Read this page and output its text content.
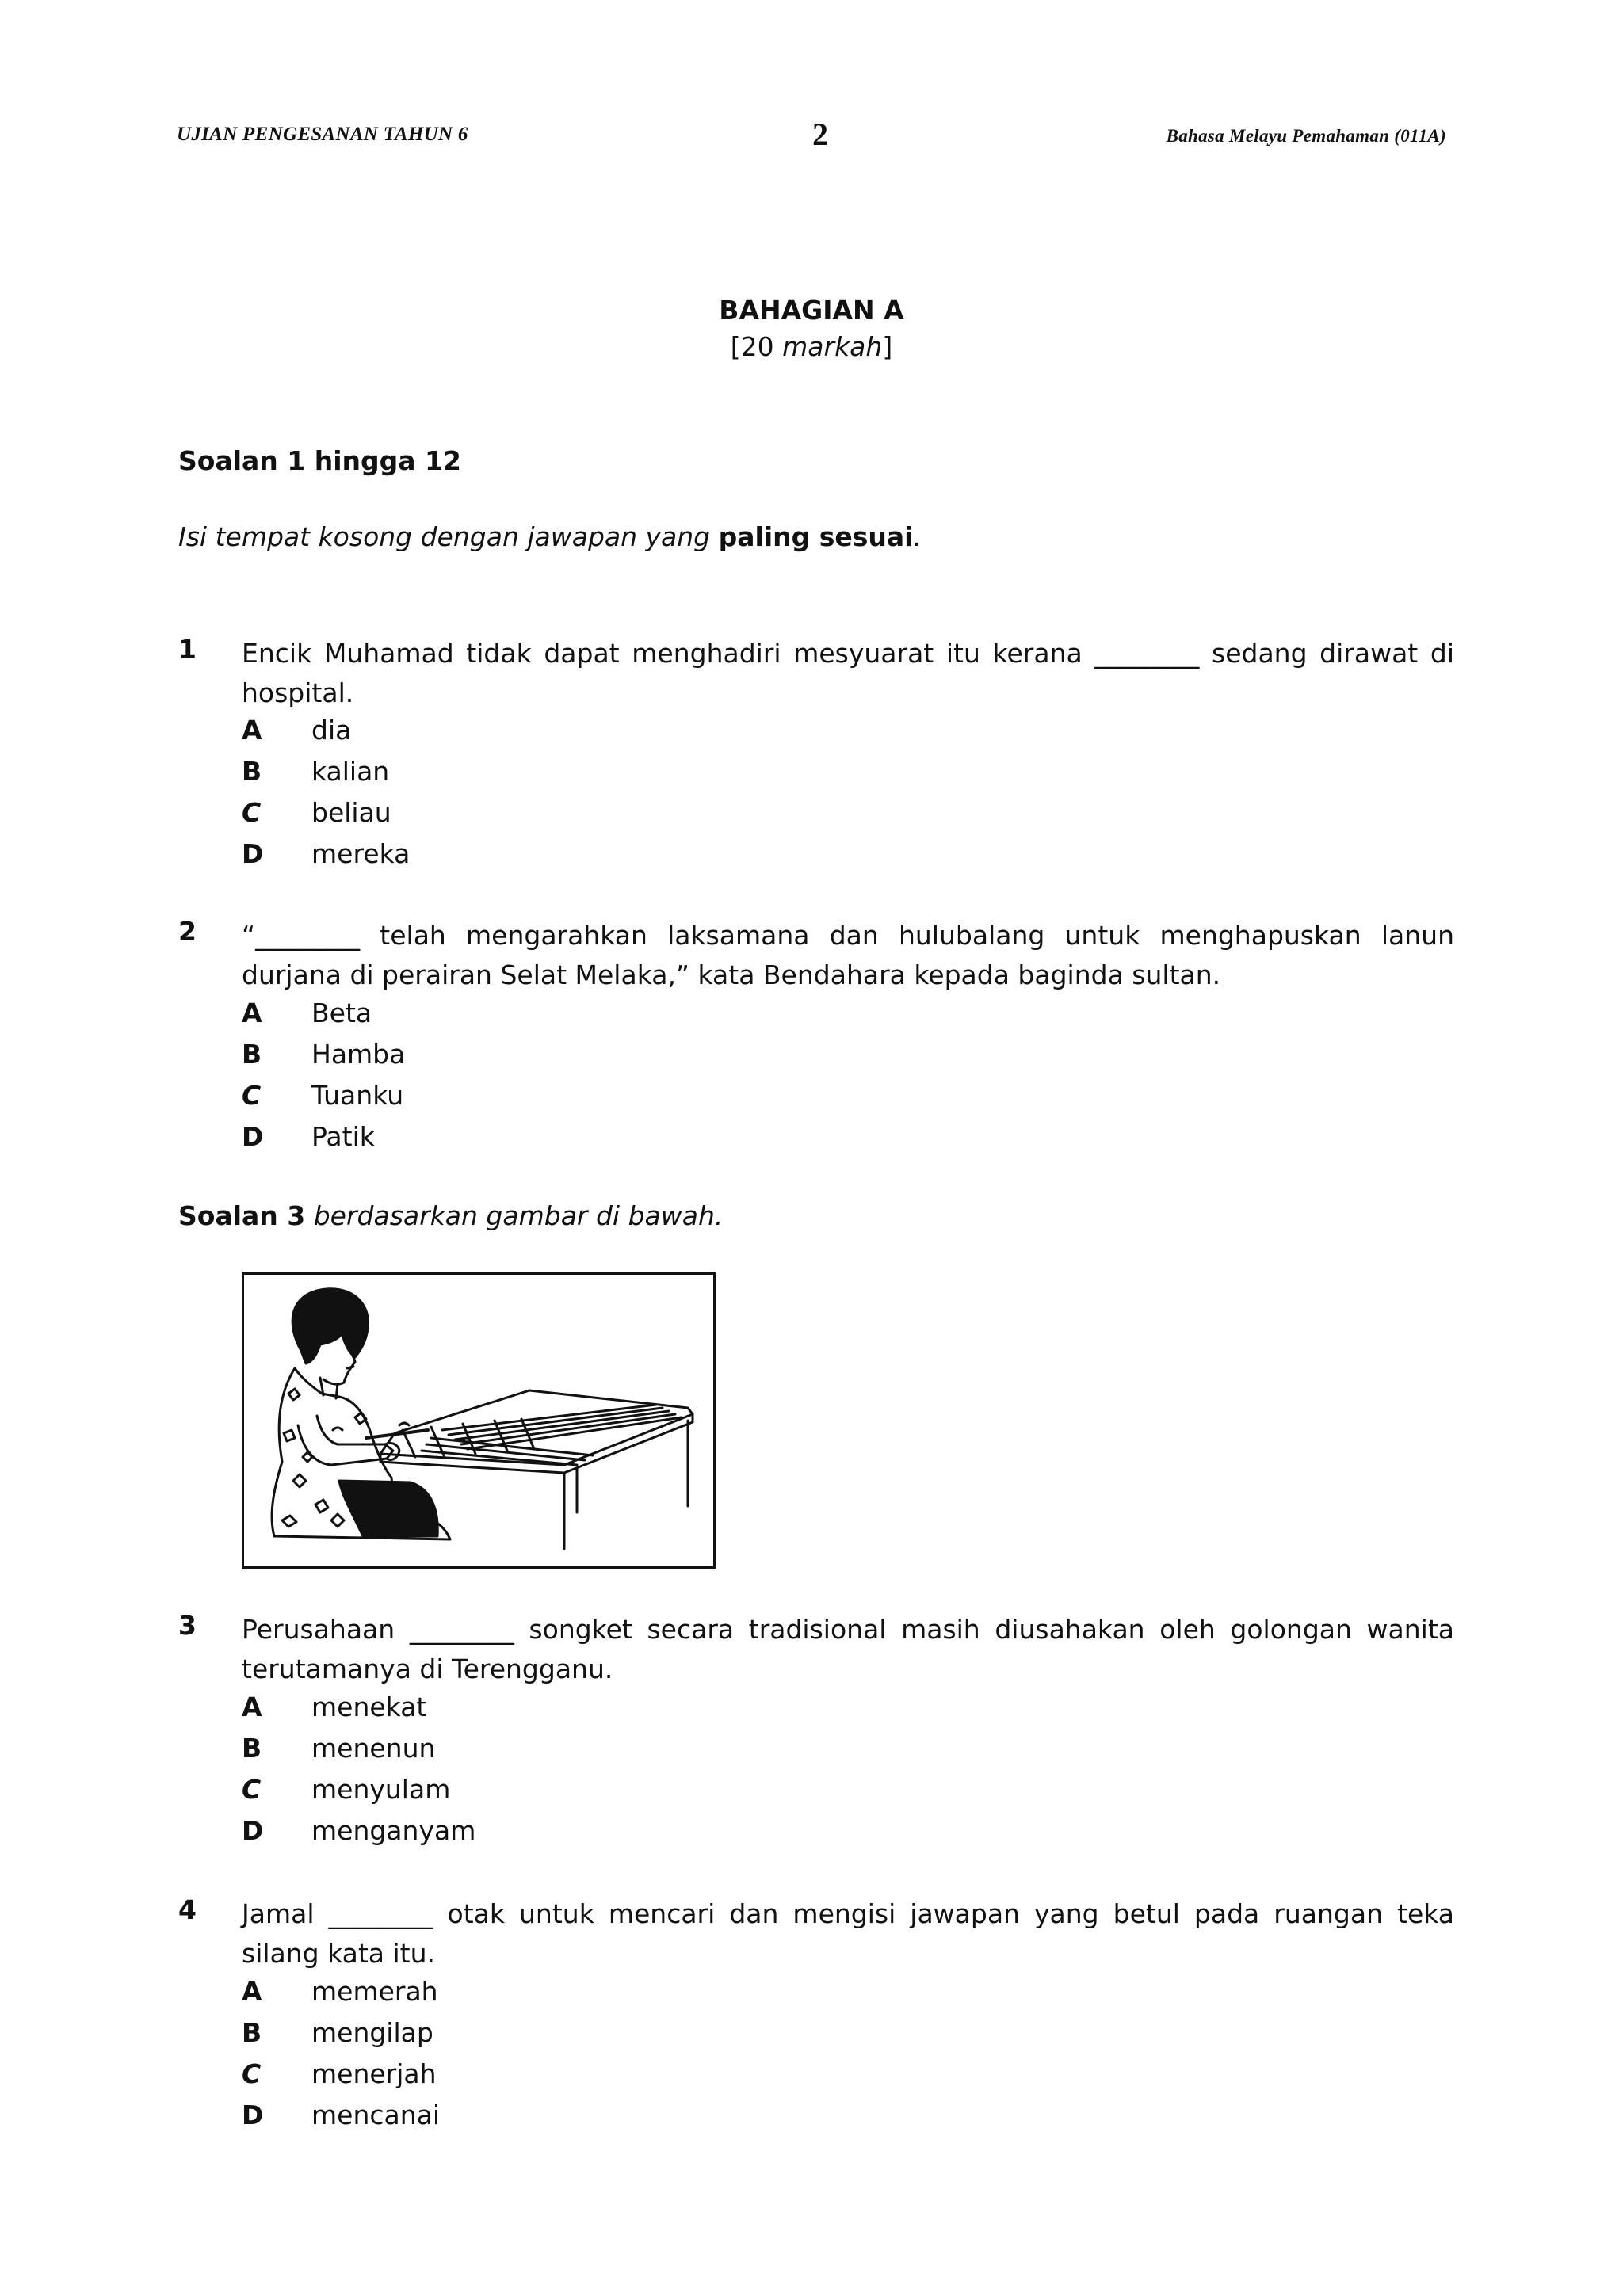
UJIAN PENGESANAN TAHUN 6	2	Bahasa Melayu Pemahaman (011A)
BAHAGIAN A
[20 markah]
Soalan 1 hingga 12
Isi tempat kosong dengan jawapan yang paling sesuai.
1 Encik Muhamad tidak dapat menghadiri mesyuarat itu kerana ________ sedang dirawat di hospital.
A dia
B kalian
C beliau
D mereka
2 “________ telah mengarahkan laksamana dan hulubalang untuk menghapuskan lanun durjana di perairan Selat Melaka,” kata Bendahara kepada baginda sultan.
A Beta
B Hamba
C Tuanku
D Patik
Soalan 3 berdasarkan gambar di bawah.
3 Perusahaan ________ songket secara tradisional masih diusahakan oleh golongan wanita terutamanya di Terengganu.
A menekat
B menenun
C menyulam
D menganyam
4 Jamal ________ otak untuk mencari dan mengisi jawapan yang betul pada ruangan teka silang kata itu.
A memerah
B mengilap
C menerjah
D mencanai
